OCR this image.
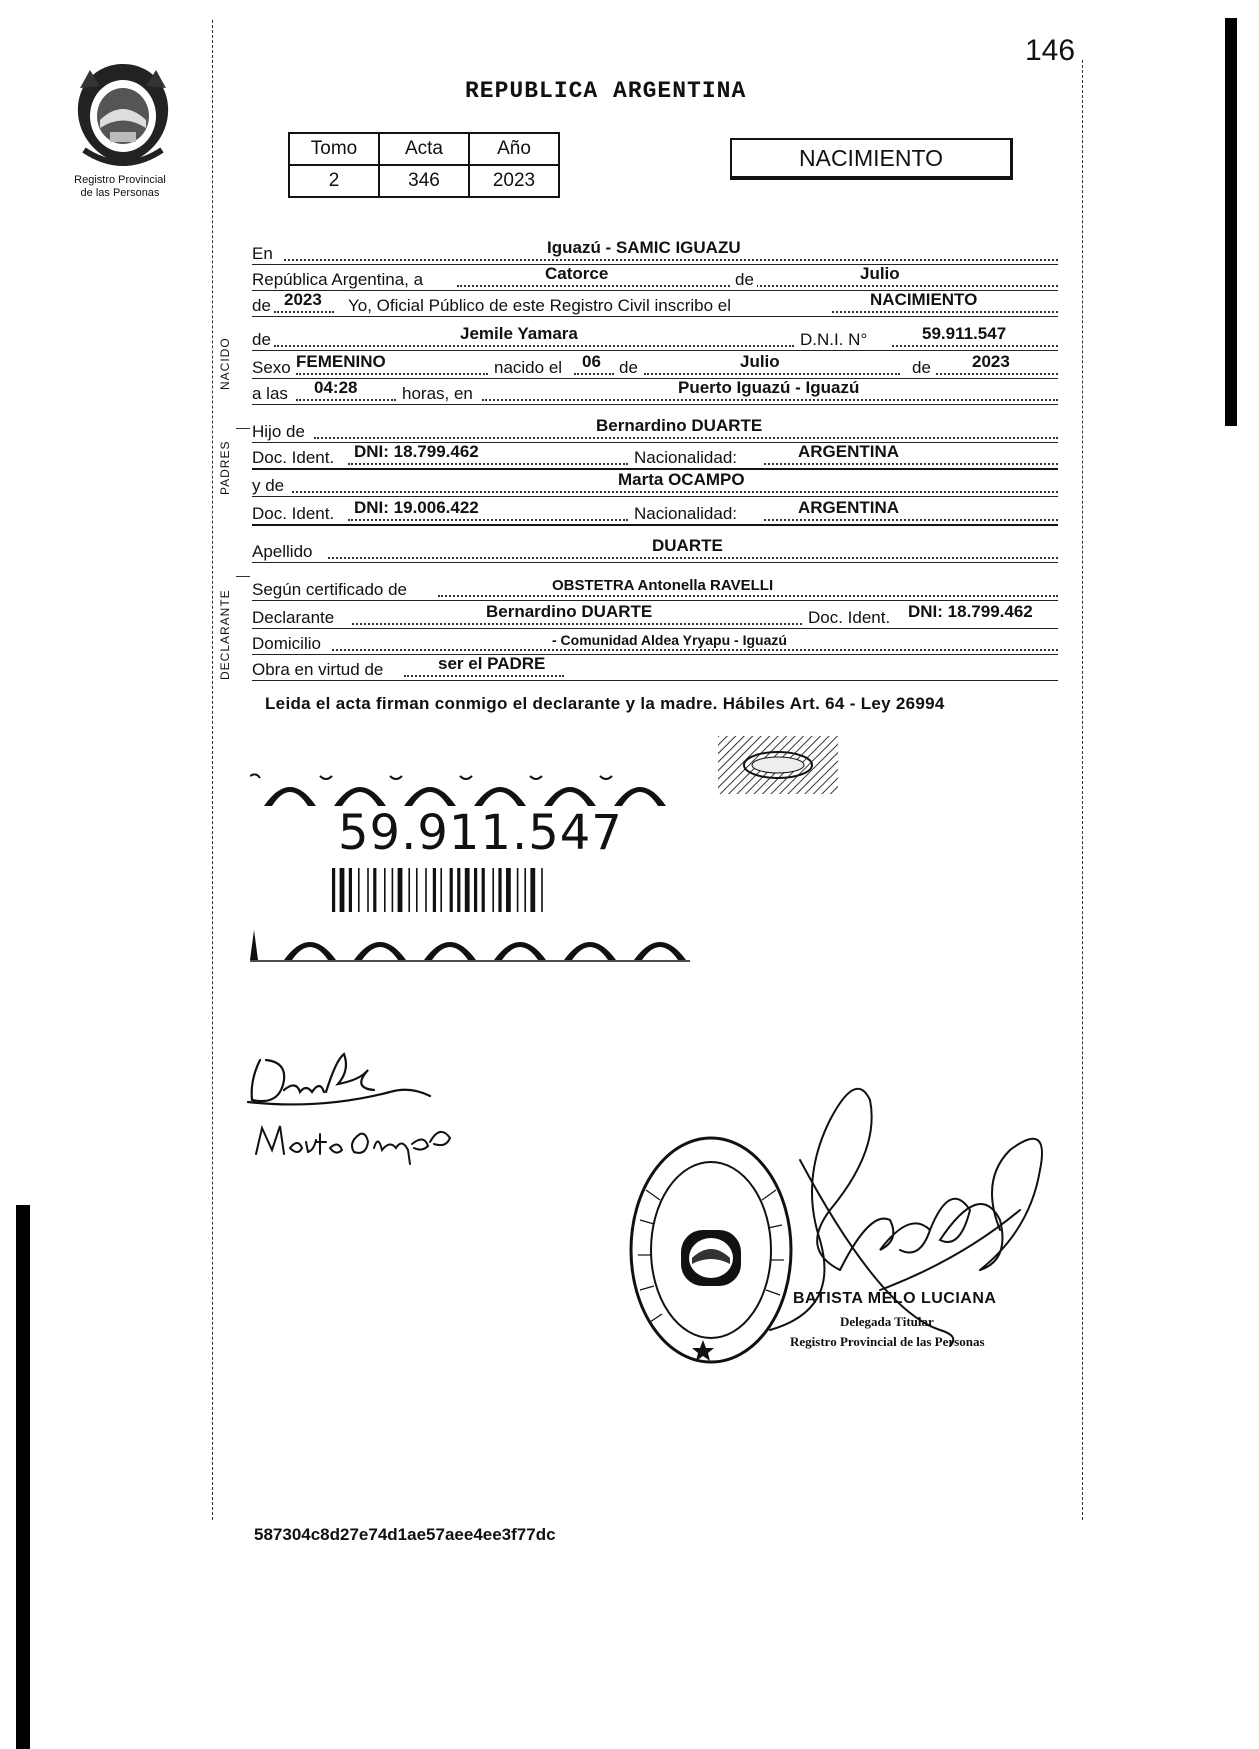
Registro Provincial
de las Personas
146
REPUBLICA ARGENTINA
Tomo	Acta	Año
2	346	2023
NACIMIENTO
En	Iguazú - SAMIC IGUAZU
República Argentina, a	Catorce	de	Julio
de 2023 Yo, Oficial Público de este Registro Civil inscribo el	NACIMIENTO
NACIDO de	Jemile Yamara	D.N.I. N°	59.911.547
Sexo FEMENINO	nacido el 06 de	Julio	de 2023
a las 04:28	horas, en	Puerto Iguazú - Iguazú
PADRES
Hijo de	Bernardino DUARTE
Doc. Ident. DNI: 18.799.462	Nacionalidad:	ARGENTINA
y de	Marta OCAMPO
Doc. Ident. DNI: 19.006.422	Nacionalidad:	ARGENTINA
Apellido	DUARTE
DECLARANTE Según certificado de	OBSTETRA Antonella RAVELLI
Declarante	Bernardino DUARTE	Doc. Ident. DNI: 18.799.462
Domicilio	- Comunidad Aldea Yryapu - Iguazú
Obra en virtud de	ser el PADRE
Leida el acta firman conmigo el declarante y la madre. Hábiles Art. 64 - Ley 26994
59.911.547
BATISTA MELO LUCIANA
Delegada Titular
Registro Provincial de las Personas
587304c8d27e74d1ae57aee4ee3f77dc
